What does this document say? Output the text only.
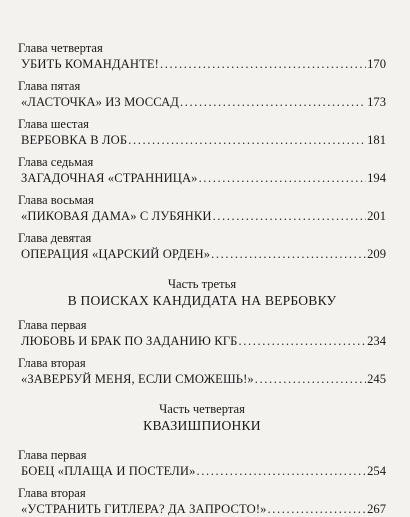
Глава четвертая
УБИТЬ КОМАНДАНТЕ! .....	170
Глава пятая
«ЛАСТОЧКА» ИЗ МОССАД .....	173
Глава шестая
ВЕРБОВКА В ЛОБ .....	181
Глава седьмая
ЗАГАДОЧНАЯ «СТРАННИЦА» .....	194
Глава восьмая
«ПИКОВАЯ ДАМА» С ЛУБЯНКИ .....	201
Глава девятая
ОПЕРАЦИЯ «ЦАРСКИЙ ОРДЕН» .....	209
Часть третья
В ПОИСКАХ КАНДИДАТА НА ВЕРБОВКУ
Глава первая
ЛЮБОВЬ И БРАК ПО ЗАДАНИЮ КГБ .....	234
Глава вторая
«ЗАВЕРБУЙ МЕНЯ, ЕСЛИ СМОЖЕШЬ!» .....	245
Часть четвертая
КВАЗИШПИОНКИ
Глава первая
БОЕЦ «ПЛАЩА И ПОСТЕЛИ» .....	254
Глава вторая
«УСТРАНИТЬ ГИТЛЕРА? ДА ЗАПРОСТО!» .....	267
